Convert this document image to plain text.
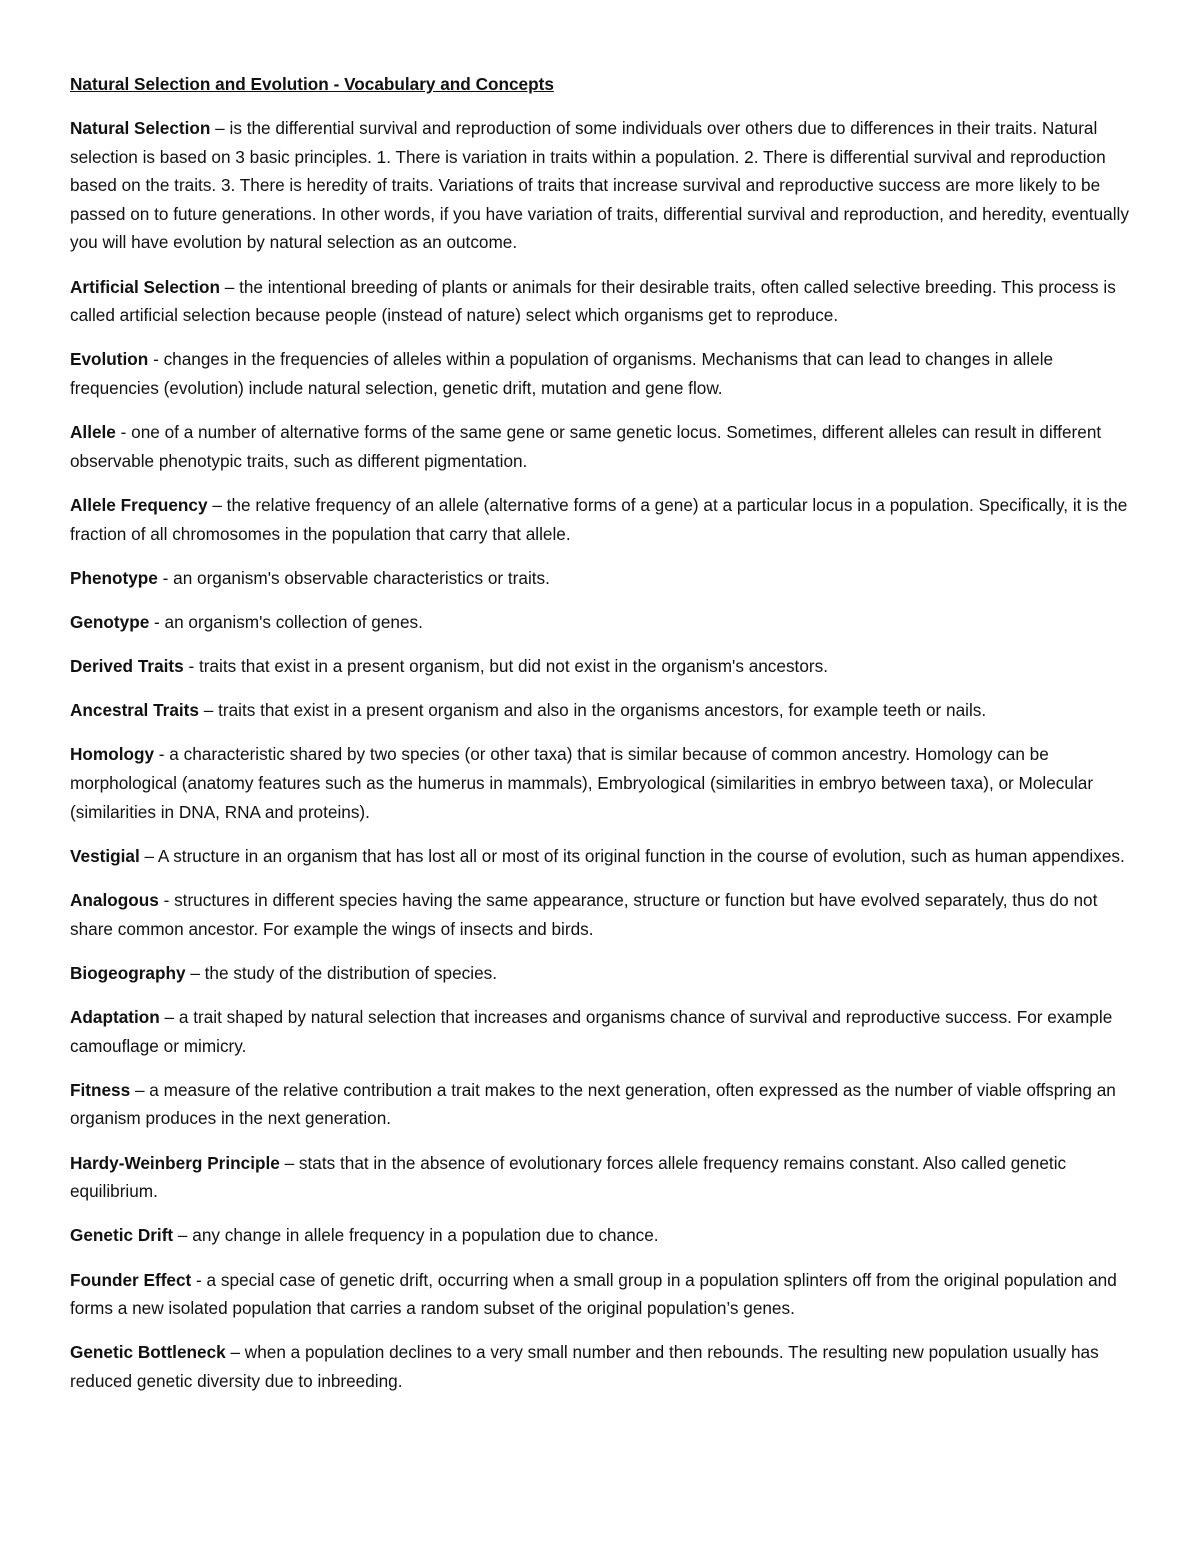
Natural Selection and Evolution - Vocabulary and Concepts
Natural Selection – is the differential survival and reproduction of some individuals over others due to differences in their traits. Natural selection is based on 3 basic principles. 1. There is variation in traits within a population. 2. There is differential survival and reproduction based on the traits. 3. There is heredity of traits. Variations of traits that increase survival and reproductive success are more likely to be passed on to future generations. In other words, if you have variation of traits, differential survival and reproduction, and heredity, eventually you will have evolution by natural selection as an outcome.
Artificial Selection – the intentional breeding of plants or animals for their desirable traits, often called selective breeding. This process is called artificial selection because people (instead of nature) select which organisms get to reproduce.
Evolution - changes in the frequencies of alleles within a population of organisms. Mechanisms that can lead to changes in allele frequencies (evolution) include natural selection, genetic drift, mutation and gene flow.
Allele - one of a number of alternative forms of the same gene or same genetic locus. Sometimes, different alleles can result in different observable phenotypic traits, such as different pigmentation.
Allele Frequency – the relative frequency of an allele (alternative forms of a gene) at a particular locus in a population. Specifically, it is the fraction of all chromosomes in the population that carry that allele.
Phenotype - an organism's observable characteristics or traits.
Genotype - an organism's collection of genes.
Derived Traits - traits that exist in a present organism, but did not exist in the organism's ancestors.
Ancestral Traits – traits that exist in a present organism and also in the organisms ancestors, for example teeth or nails.
Homology - a characteristic shared by two species (or other taxa) that is similar because of common ancestry. Homology can be morphological (anatomy features such as the humerus in mammals), Embryological (similarities in embryo between taxa), or Molecular (similarities in DNA, RNA and proteins).
Vestigial – A structure in an organism that has lost all or most of its original function in the course of evolution, such as human appendixes.
Analogous - structures in different species having the same appearance, structure or function but have evolved separately, thus do not share common ancestor. For example the wings of insects and birds.
Biogeography – the study of the distribution of species.
Adaptation – a trait shaped by natural selection that increases and organisms chance of survival and reproductive success. For example camouflage or mimicry.
Fitness – a measure of the relative contribution a trait makes to the next generation, often expressed as the number of viable offspring an organism produces in the next generation.
Hardy-Weinberg Principle – stats that in the absence of evolutionary forces allele frequency remains constant. Also called genetic equilibrium.
Genetic Drift – any change in allele frequency in a population due to chance.
Founder Effect - a special case of genetic drift, occurring when a small group in a population splinters off from the original population and forms a new isolated population that carries a random subset of the original population’s genes.
Genetic Bottleneck – when a population declines to a very small number and then rebounds. The resulting new population usually has reduced genetic diversity due to inbreeding.
